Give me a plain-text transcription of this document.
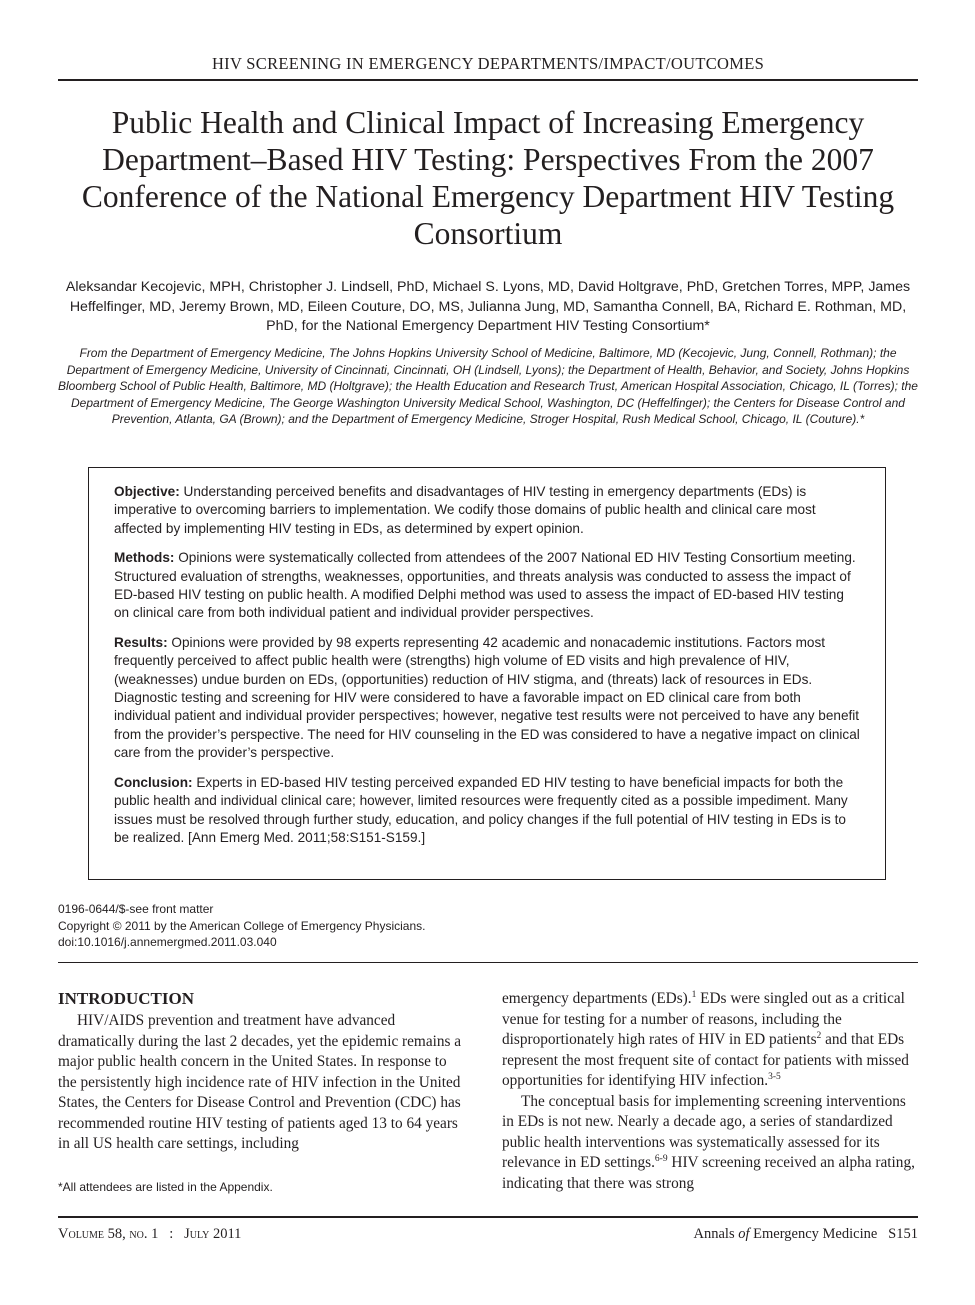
HIV SCREENING IN EMERGENCY DEPARTMENTS/IMPACT/OUTCOMES
Public Health and Clinical Impact of Increasing Emergency Department–Based HIV Testing: Perspectives From the 2007 Conference of the National Emergency Department HIV Testing Consortium
Aleksandar Kecojevic, MPH, Christopher J. Lindsell, PhD, Michael S. Lyons, MD, David Holtgrave, PhD, Gretchen Torres, MPP, James Heffelfinger, MD, Jeremy Brown, MD, Eileen Couture, DO, MS, Julianna Jung, MD, Samantha Connell, BA, Richard E. Rothman, MD, PhD, for the National Emergency Department HIV Testing Consortium*
From the Department of Emergency Medicine, The Johns Hopkins University School of Medicine, Baltimore, MD (Kecojevic, Jung, Connell, Rothman); the Department of Emergency Medicine, University of Cincinnati, Cincinnati, OH (Lindsell, Lyons); the Department of Health, Behavior, and Society, Johns Hopkins Bloomberg School of Public Health, Baltimore, MD (Holtgrave); the Health Education and Research Trust, American Hospital Association, Chicago, IL (Torres); the Department of Emergency Medicine, The George Washington University Medical School, Washington, DC (Heffelfinger); the Centers for Disease Control and Prevention, Atlanta, GA (Brown); and the Department of Emergency Medicine, Stroger Hospital, Rush Medical School, Chicago, IL (Couture).*

Objective: Understanding perceived benefits and disadvantages of HIV testing in emergency departments (EDs) is imperative to overcoming barriers to implementation. We codify those domains of public health and clinical care most affected by implementing HIV testing in EDs, as determined by expert opinion.

Methods: Opinions were systematically collected from attendees of the 2007 National ED HIV Testing Consortium meeting. Structured evaluation of strengths, weaknesses, opportunities, and threats analysis was conducted to assess the impact of ED-based HIV testing on public health. A modified Delphi method was used to assess the impact of ED-based HIV testing on clinical care from both individual patient and individual provider perspectives.

Results: Opinions were provided by 98 experts representing 42 academic and nonacademic institutions. Factors most frequently perceived to affect public health were (strengths) high volume of ED visits and high prevalence of HIV, (weaknesses) undue burden on EDs, (opportunities) reduction of HIV stigma, and (threats) lack of resources in EDs. Diagnostic testing and screening for HIV were considered to have a favorable impact on ED clinical care from both individual patient and individual provider perspectives; however, negative test results were not perceived to have any benefit from the provider’s perspective. The need for HIV counseling in the ED was considered to have a negative impact on clinical care from the provider’s perspective.

Conclusion: Experts in ED-based HIV testing perceived expanded ED HIV testing to have beneficial impacts for both the public health and individual clinical care; however, limited resources were frequently cited as a possible impediment. Many issues must be resolved through further study, education, and policy changes if the full potential of HIV testing in EDs is to be realized. [Ann Emerg Med. 2011;58:S151-S159.]

0196-0644/$-see front matter
Copyright © 2011 by the American College of Emergency Physicians.
doi:10.1016/j.annemergmed.2011.03.040
INTRODUCTION

HIV/AIDS prevention and treatment have advanced dramatically during the last 2 decades, yet the epidemic remains a major public health concern in the United States. In response to the persistently high incidence rate of HIV infection in the United States, the Centers for Disease Control and Prevention (CDC) has recommended routine HIV testing of patients aged 13 to 64 years in all US health care settings, including

emergency departments (EDs).$^1$ EDs were singled out as a critical venue for testing for a number of reasons, including the disproportionately high rates of HIV in ED patients$^2$ and that EDs represent the most frequent site of contact for patients with missed opportunities for identifying HIV infection.$^{3-5}$

The conceptual basis for implementing screening interventions in EDs is not new. Nearly a decade ago, a series of standardized public health interventions was systematically assessed for its relevance in ED settings.$^{6-9}$ HIV screening received an alpha rating, indicating that there was strong

*All attendees are listed in the Appendix.
Volume 58, no. 1 : July 2011	Annals of Emergency Medicine S151
